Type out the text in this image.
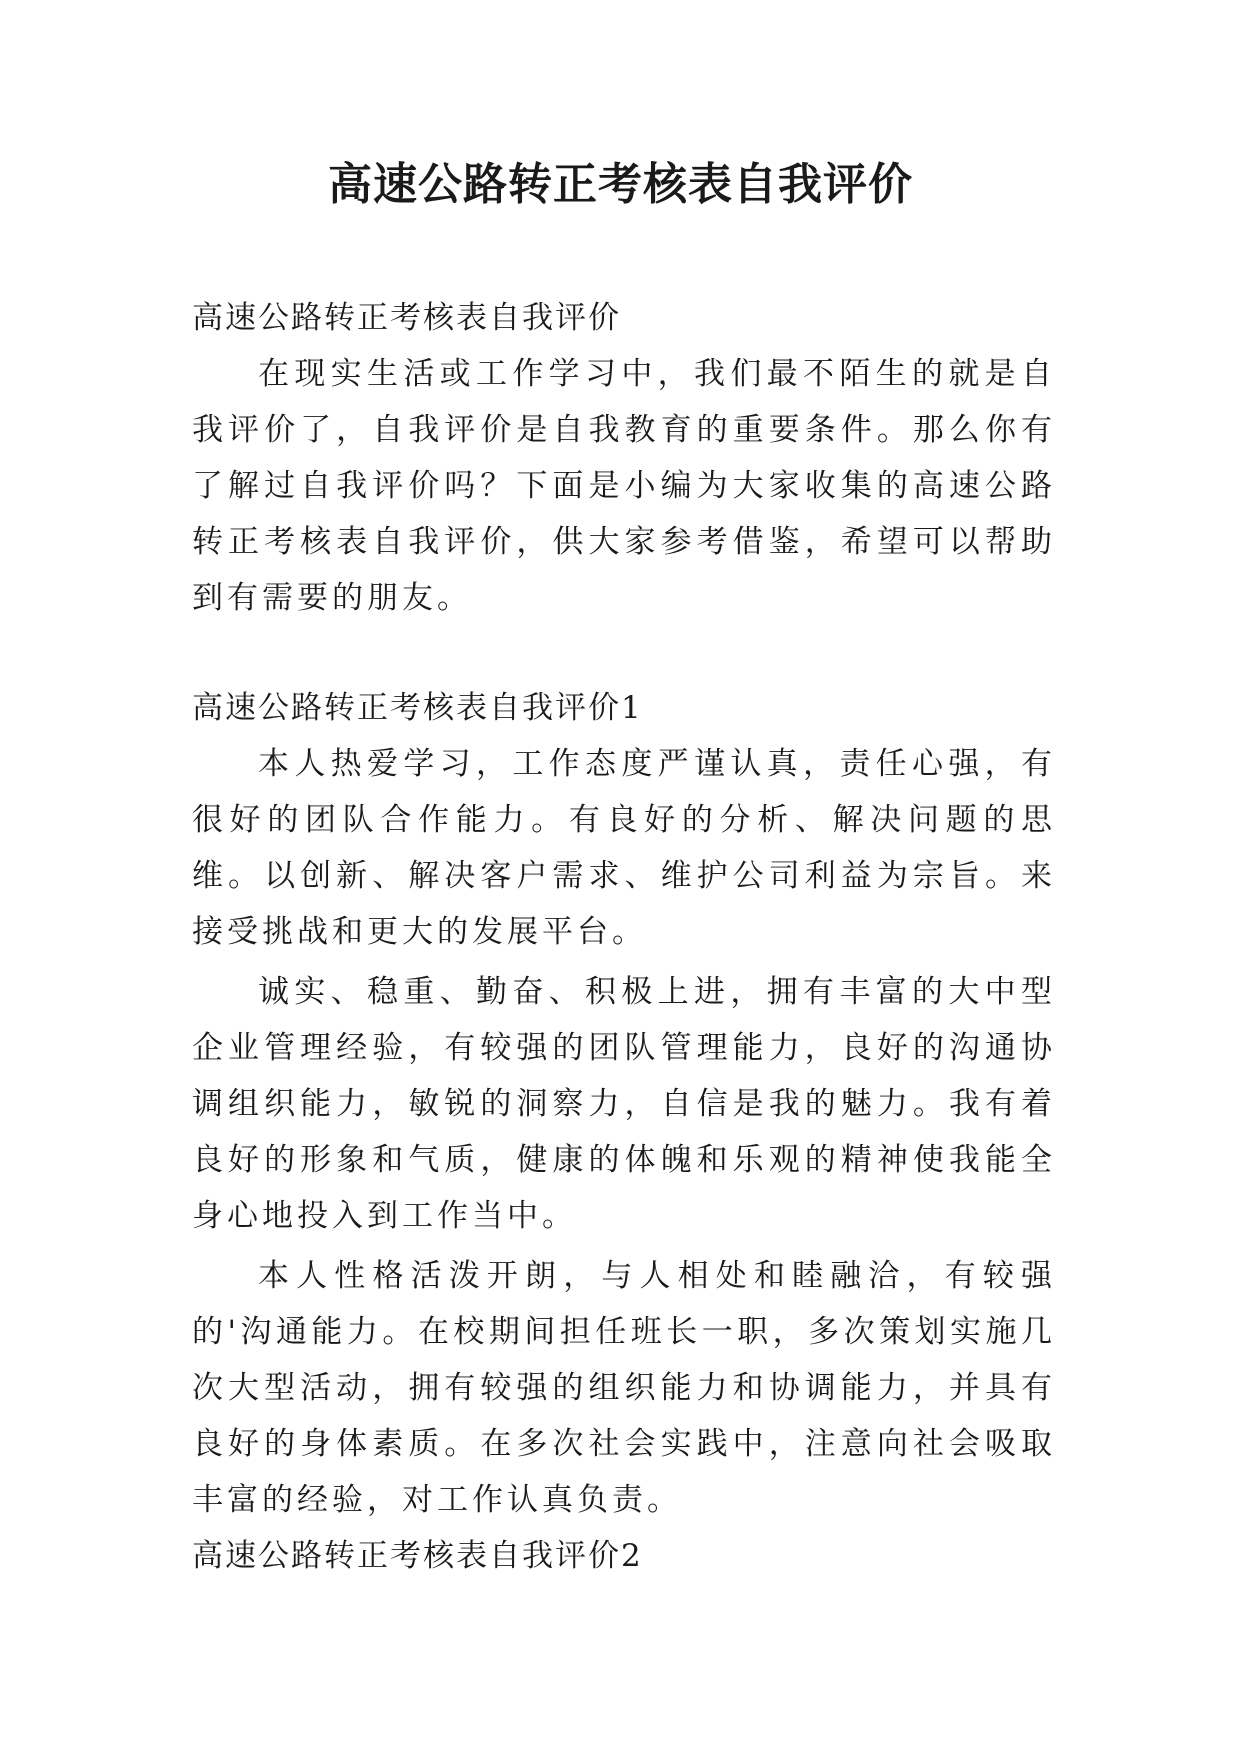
高速公路转正考核表自我评价

高速公路转正考核表自我评价

在现实生活或工作学习中，我们最不陌生的就是自我评价了，自我评价是自我教育的重要条件。那么你有了解过自我评价吗？下面是小编为大家收集的高速公路转正考核表自我评价，供大家参考借鉴，希望可以帮助到有需要的朋友。

高速公路转正考核表自我评价1

本人热爱学习，工作态度严谨认真，责任心强，有很好的团队合作能力。有良好的分析、解决问题的思维。以创新、解决客户需求、维护公司利益为宗旨。来接受挑战和更大的发展平台。

诚实、稳重、勤奋、积极上进，拥有丰富的大中型企业管理经验，有较强的团队管理能力，良好的沟通协调组织能力，敏锐的洞察力，自信是我的魅力。我有着良好的形象和气质，健康的体魄和乐观的精神使我能全身心地投入到工作当中。

本人性格活泼开朗，与人相处和睦融洽，有较强的'沟通能力。在校期间担任班长一职，多次策划实施几次大型活动，拥有较强的组织能力和协调能力，并具有良好的身体素质。在多次社会实践中，注意向社会吸取丰富的经验，对工作认真负责。

高速公路转正考核表自我评价2
